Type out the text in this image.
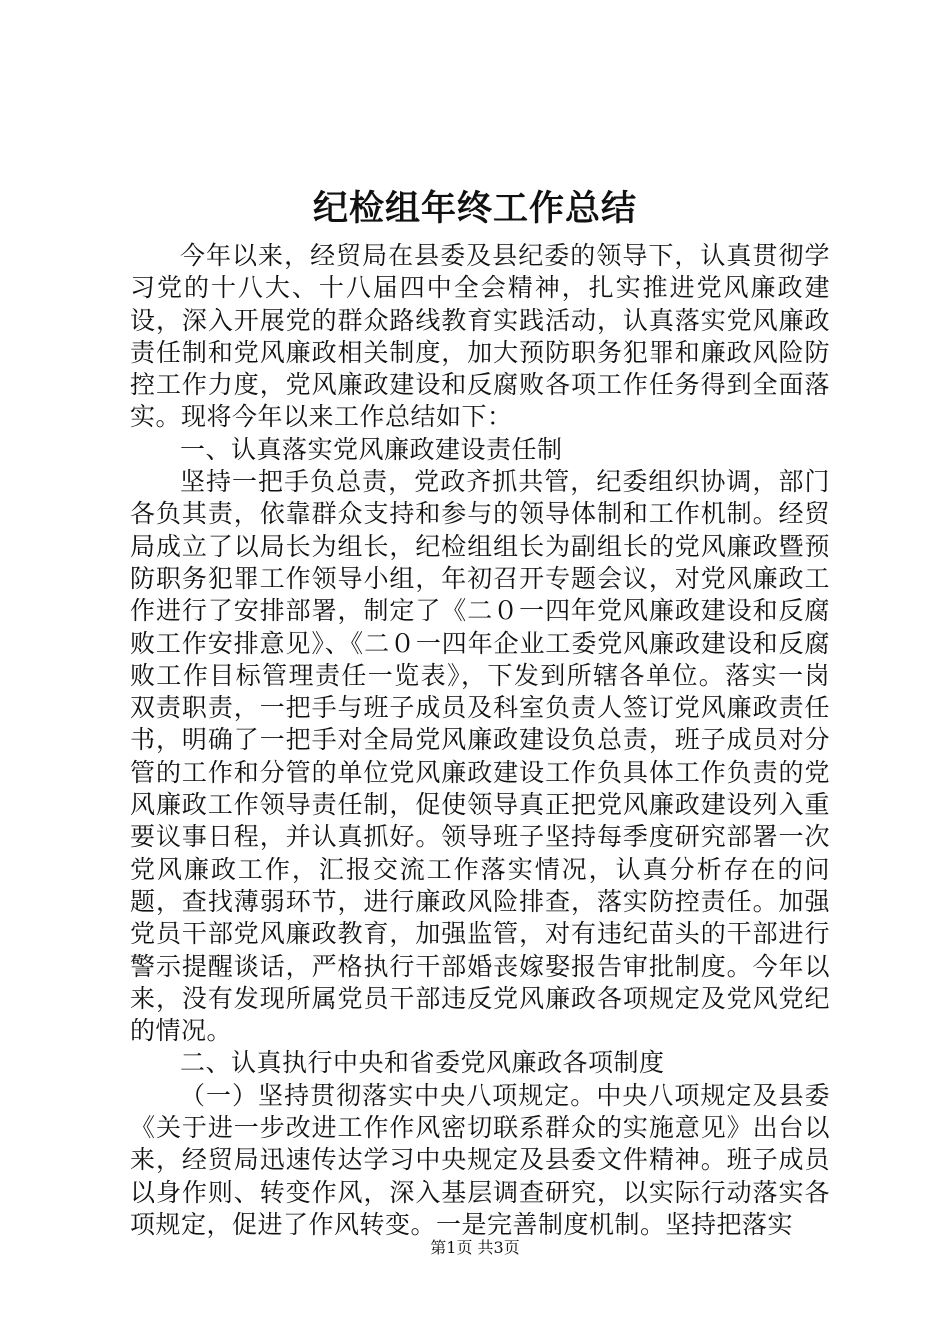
纪检组年终工作总结

今年以来，经贸局在县委及县纪委的领导下，认真贯彻学习党的十八大、十八届四中全会精神，扎实推进党风廉政建设，深入开展党的群众路线教育实践活动，认真落实党风廉政责任制和党风廉政相关制度，加大预防职务犯罪和廉政风险防控工作力度，党风廉政建设和反腐败各项工作任务得到全面落实。现将今年以来工作总结如下：

一、认真落实党风廉政建设责任制

坚持一把手负总责，党政齐抓共管，纪委组织协调，部门各负其责，依靠群众支持和参与的领导体制和工作机制。经贸局成立了以局长为组长，纪检组组长为副组长的党风廉政暨预防职务犯罪工作领导小组，年初召开专题会议，对党风廉政工作进行了安排部署，制定了《二０一四年党风廉政建设和反腐败工作安排意见》、《二０一四年企业工委党风廉政建设和反腐败工作目标管理责任一览表》，下发到所辖各单位。落实一岗双责职责，一把手与班子成员及科室负责人签订党风廉政责任书，明确了一把手对全局党风廉政建设负总责，班子成员对分管的工作和分管的单位党风廉政建设工作负具体工作负责的党风廉政工作领导责任制，促使领导真正把党风廉政建设列入重要议事日程，并认真抓好。领导班子坚持每季度研究部署一次党风廉政工作，汇报交流工作落实情况，认真分析存在的问题，查找薄弱环节，进行廉政风险排查，落实防控责任。加强党员干部党风廉政教育，加强监管，对有违纪苗头的干部进行警示提醒谈话，严格执行干部婚丧嫁娶报告审批制度。今年以来，没有发现所属党员干部违反党风廉政各项规定及党风党纪的情况。

二、认真执行中央和省委党风廉政各项制度

（一）坚持贯彻落实中央八项规定。中央八项规定及县委《关于进一步改进工作作风密切联系群众的实施意见》出台以来，经贸局迅速传达学习中央规定及县委文件精神。班子成员以身作则、转变作风，深入基层调查研究，以实际行动落实各项规定，促进了作风转变。一是完善制度机制。坚持把落实

第1页 共3页
